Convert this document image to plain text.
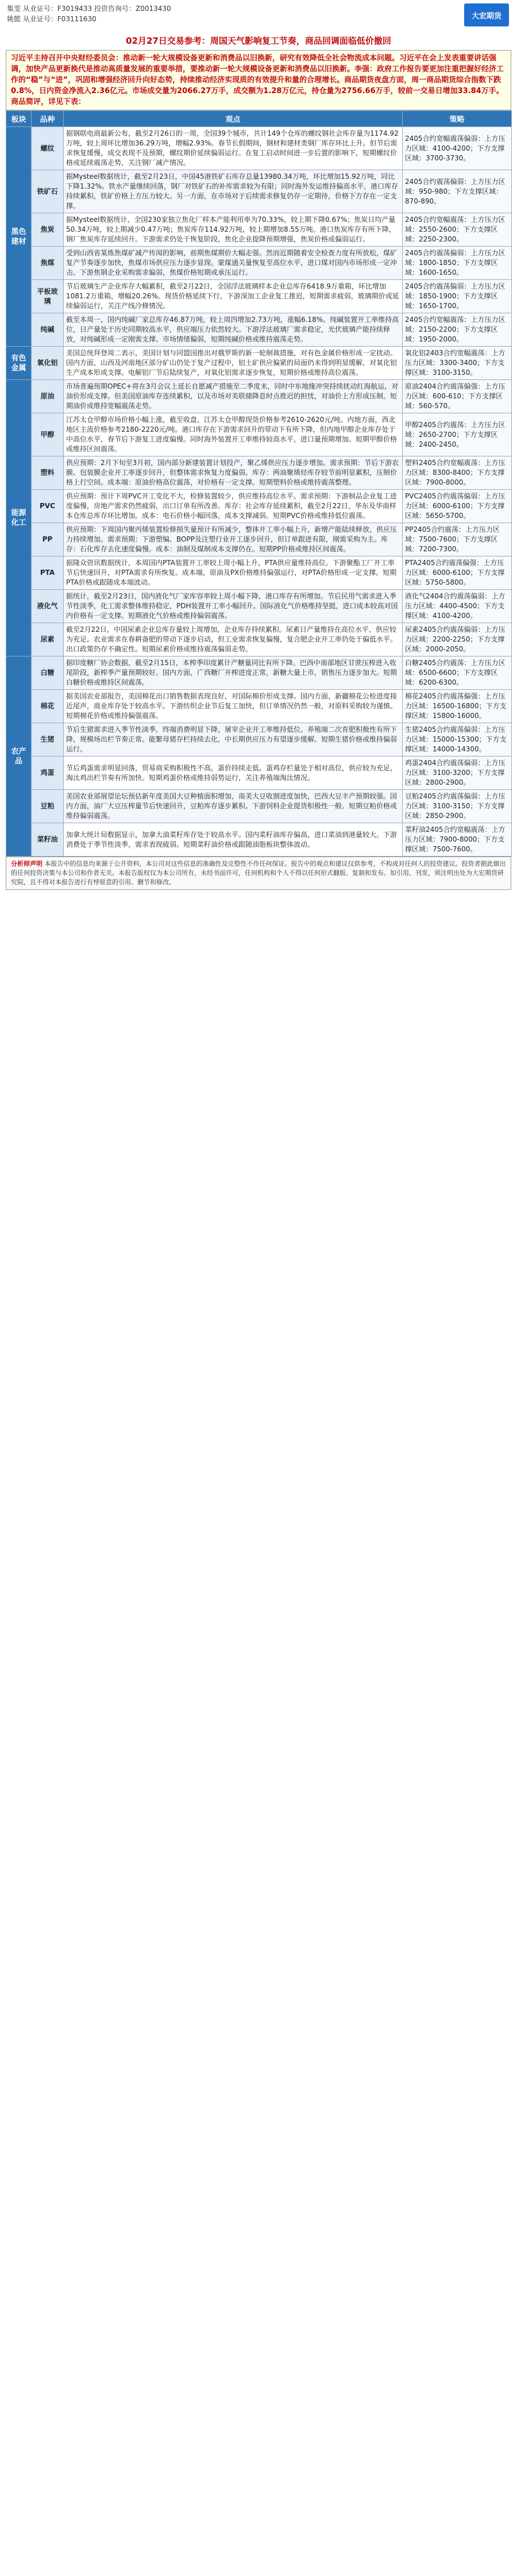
集雯 从业证号：F3019433 投资咨询号：Z0013430
姚懿 从业证号：F03111630	大宏期货
02月27日交易参考：周国天气影响复工节奏，商品回调面临低价撤回
习近平主持召开中央财经委员会：推动新一轮大规模设备更新和消费品以旧换新，研究有效降低全社会物流成本问题。习近平在会上发表重要讲话强调，加快产品更新换代是推动高质量发展的重要举措，要推动新一轮大规模设备更新和消费品以旧换新。李强：政府工作报告要更加注重把握好经济工作的“稳”与“进”，巩固和增强经济回升向好态势，持续推动经济实现质的有效提升和量的合理增长。商品期货夜盘方面，周一商品期货综合指数下跌0.8%，日内资金净流入2.36亿元。市场成交量为2066.27万手，成交额为1.28万亿元，持仓量为2756.66万手，较前一交易日增加33.84万手。商品简评，详见下表：
板块	品种	观点	策略
黑色建材	螺纹	据钢联电商最新公布，截至2月26日的一周，全国39个城市，共计149个仓库的螺纹钢社会库存量为1174.92万吨，较上周环比增加36.29万吨，增幅2.93%。春节长假期间，钢材和建材类钢厂库存环比上升。但节后需求恢复缓慢，成交表现不及预期，螺纹期价延续偏弱运行。在复工启动时间进一步后置的影响下，短期螺纹价格或延续震荡走势，关注钢厂减产情况。	2405合约宽幅震荡偏弱：上方压力区域：4100-4200；下方支撑区域：3700-3730。
	铁矿石	据Mysteel数据统计，截至2月23日，中国45港铁矿石库存总量13980.34万吨，环比增加15.92万吨，同比下降1.32%。铁水产量继续回落，钢厂对铁矿石的补库需求较为有限；同时海外发运维持偏高水平，港口库存持续累积，铁矿价格上方压力较大。另一方面，在市场对于后续需求修复仍存一定期待，价格下方存在一定支撑。	2405合约震荡偏弱：上方压力区域：950-980；下方支撑区域：870-890。
	焦炭	据Mysteel数据统计，全国230家独立焦化厂样本产能利用率为70.33%，较上期下降0.67%；焦炭日均产量50.34万吨，较上期减少0.47万吨；焦炭库存114.92万吨，较上期增加8.55万吨。港口焦炭库存有所下降，钢厂焦炭库存延续回升。下游需求仍处于恢复阶段，焦化企业提降预期增强，焦炭价格或偏弱运行。	2405合约宽幅震荡：上方压力区域：2550-2600；下方支撑区域：2250-2300。
	焦煤	受到山西省某炼焦煤矿减产传闻的影响，前期焦煤期价大幅走强。然而近期随着安全检查力度有所放松，煤矿复产节奏逐步加快，焦煤市场供应压力逐步显现。蒙煤通关量恢复至高位水平，进口煤对国内市场形成一定冲击。下游焦钢企业采购需求偏弱，焦煤价格短期或承压运行。	2405合约震荡偏弱：上方压力区域：1800-1850；下方支撑区域：1600-1650。
	平板玻璃	节后玻璃生产企业库存大幅累积，截至2月22日，全国浮法玻璃样本企业总库存6418.9万重箱，环比增加1081.2万重箱，增幅20.26%。现货价格延续下行，下游深加工企业复工推迟，短期需求疲弱，玻璃期价或延续偏弱运行，关注产线冷修情况。	2405合约震荡偏弱：上方压力区域：1850-1900；下方支撑区域：1650-1700。
	纯碱	截至本周一，国内纯碱厂家总库存46.87万吨，较上周四增加2.73万吨，涨幅6.18%。纯碱装置开工率维持高位，日产量处于历史同期较高水平，供应端压力依然较大。下游浮法玻璃厂需求稳定，光伏玻璃产能持续释放，对纯碱形成一定刚需支撑。市场情绪偏弱，短期纯碱价格或维持震荡走势。	2405合约宽幅震荡：上方压力区域：2150-2200；下方支撑区域：1950-2000。
有色金属	氧化铝	美国总统拜登周二表示，美国计划与同盟国推出对俄罗斯的新一轮制裁措施，对有色金属价格形成一定扰动。国内方面，山西及河南地区部分矿山仍处于复产过程中，铝土矿供应偏紧的局面仍未得到明显缓解，对氧化铝生产成本形成支撑。电解铝厂节后陆续复产，对氧化铝需求逐步恢复，短期价格或维持高位震荡。	氧化铝2403合约宽幅震荡：上方压力区域：3300-3400；下方支撑区域：3100-3150。
能源化工	原油	市场普遍预期OPEC+将在3月会议上延长自愿减产措施至二季度末，同时中东地缘冲突持续扰动红海航运，对油价形成支撑。但美国原油库存连续累积，以及市场对美联储降息时点推迟的担忧，对油价上方形成压制。短期油价或维持宽幅震荡走势。	原油2404合约震荡偏强：上方压力区域：600-610；下方支撑区域：560-570。
	甲醇	江苏太仓甲醇市场价格小幅上涨，截至收盘，江苏太仓甲醇现货价格参考2610-2620元/吨。内地方面，西北地区主流价格参考2180-2220元/吨。港口库存在下游需求回升的带动下有所下降，但内地甲醇企业库存处于中高位水平，春节后下游复工进度偏慢。同时海外装置开工率维持较高水平，进口量预期增加。短期甲醇价格或维持区间震荡。	甲醇2405合约震荡：上方压力区域：2650-2700；下方支撑区域：2400-2450。
	塑料	供应预期：2月下旬至3月初，国内部分新建装置计划投产，聚乙烯供应压力逐步增加。需求预期：节后下游农膜、包装膜企业开工率逐步回升，但整体需求恢复力度偏弱。库存：两油聚烯烃库存较节前明显累积，压制价格上行空间。成本端：原油价格高位震荡，对价格有一定支撑。短期塑料价格或维持震荡整理。	塑料2405合约宽幅震荡：上方压力区域：8300-8400；下方支撑区域：7900-8000。
	PVC	供应预期：预计下周PVC开工变化不大，检修装置较少，供应维持高位水平。需求预期：下游制品企业复工进度偏慢，房地产需求仍然疲弱，出口订单有所改善。库存：社会库存延续累积，截至2月22日，华东及华南样本仓库总库存环比增加。成本：电石价格小幅回落，成本支撑减弱。短期PVC价格或维持低位震荡。	PVC2405合约震荡偏弱：上方压力区域：6000-6100；下方支撑区域：5650-5700。
	PP	供应预期：下周国内聚丙烯装置检修损失量预计有所减少，整体开工率小幅上升，新增产能陆续释放，供应压力持续增加。需求预期：下游塑编、BOPP及注塑行业开工逐步回升，但订单跟进有限，刚需采购为主。库存：石化库存去化速度偏慢。成本：油制及煤制成本支撑仍在。短期PP价格或维持区间震荡。	PP2405合约震荡：上方压力区域：7500-7600；下方支撑区域：7200-7300。
	PTA	据隆众资讯数据统计，本周国内PTA装置开工率较上周小幅上升，PTA供应量维持高位。下游聚酯工厂开工率节后快速回升，对PTA需求有所恢复。成本端，原油及PX价格维持偏强运行，对PTA价格形成一定支撑。短期PTA价格或跟随成本端波动。	PTA2405合约震荡偏强：上方压力区域：6000-6100；下方支撑区域：5750-5800。
	液化气	据统计，截至2月23日，国内液化气厂家库容率较上周小幅下降，港口库存有所增加。节后民用气需求进入季节性淡季，化工需求整体维持稳定，PDH装置开工率小幅回升。国际液化气价格维持坚挺，进口成本较高对国内价格有一定支撑。短期液化气价格或维持偏弱震荡。	液化气2404合约震荡偏弱：上方压力区域：4400-4500；下方支撑区域：4100-4200。
	尿素	截至2月22日，中国尿素企业总库存量较上周增加，企业库存持续累积。尿素日产量维持在高位水平，供应较为充足。农业需求在春耕备肥的带动下逐步启动，但工业需求恢复偏慢，复合肥企业开工率仍处于偏低水平。出口政策仍存不确定性。短期尿素价格或维持震荡偏弱走势。	尿素2405合约震荡偏弱：上方压力区域：2200-2250；下方支撑区域：2000-2050。
农产品	白糖	据印度糖厂协会数据，截至2月15日，本榨季印度累计产糖量同比有所下降。巴西中南部地区甘蔗压榨进入收尾阶段，新榨季产量预期较好。国内方面，广西糖厂开榨进度正常，新糖大量上市，销售压力逐步加大。短期白糖价格或维持区间震荡。	白糖2405合约震荡：上方压力区域：6500-6600；下方支撑区域：6200-6300。
	棉花	据美国农业部报告，美国棉花出口销售数据表现良好，对国际棉价形成支撑。国内方面，新疆棉花公检进度接近尾声，商业库存处于较高水平。下游纺织企业节后复工加快，但订单情况仍然一般，对原料采购较为谨慎。短期棉花价格或维持偏强震荡。	棉花2405合约震荡偏强：上方压力区域：16500-16800；下方支撑区域：15800-16000。
	生猪	节后生猪需求进入季节性淡季，终端消费明显下降，屠宰企业开工率维持低位。养殖端二次育肥积极性有所下降，规模场出栏节奏正常。能繁母猪存栏持续去化，中长期供应压力有望逐步缓解。短期生猪价格或维持偏弱运行。	生猪2405合约震荡偏弱：上方压力区域：15000-15300；下方支撑区域：14000-14300。
	鸡蛋	节后鸡蛋需求明显回落，贸易商采购积极性不高，蛋价持续走低。蛋鸡存栏量处于相对高位，供应较为充足，淘汰鸡出栏节奏有所加快。短期鸡蛋价格或维持弱势运行，关注养殖端淘汰情况。	鸡蛋2404合约震荡偏弱：上方压力区域：3100-3200；下方支撑区域：2800-2900。
	豆粕	美国农业部展望论坛预估新年度美国大豆种植面积增加，南美大豆收割进度加快，巴西大豆丰产预期较强。国内方面，油厂大豆压榨量节后快速回升，豆粕库存逐步累积。下游饲料企业提货积极性一般。短期豆粕价格或维持偏弱震荡。	豆粕2405合约震荡偏弱：上方压力区域：3100-3150；下方支撑区域：2850-2900。
	菜籽油	加拿大统计局数据显示，加拿大油菜籽库存处于较高水平。国内菜籽油库存偏高，进口菜油到港量较大。下游消费处于季节性淡季，需求表现疲弱。短期菜籽油价格或跟随油脂板块整体波动。	菜籽油2405合约宽幅震荡：上方压力区域：7900-8000；下方支撑区域：7500-7600。
分析师声明 本报告中的信息均来源于公开资料，本公司对这些信息的准确性及完整性不作任何保证。报告中的观点和建议仅供参考，不构成对任何人的投资建议。投资者据此做出的任何投资决策与本公司和作者无关。本报告版权仅为本公司所有，未经书面许可，任何机构和个人不得以任何形式翻版、复制和发布。如引用、刊发，须注明出处为大宏期货研究院，且不得对本报告进行有悖原意的引用、删节和修改。
